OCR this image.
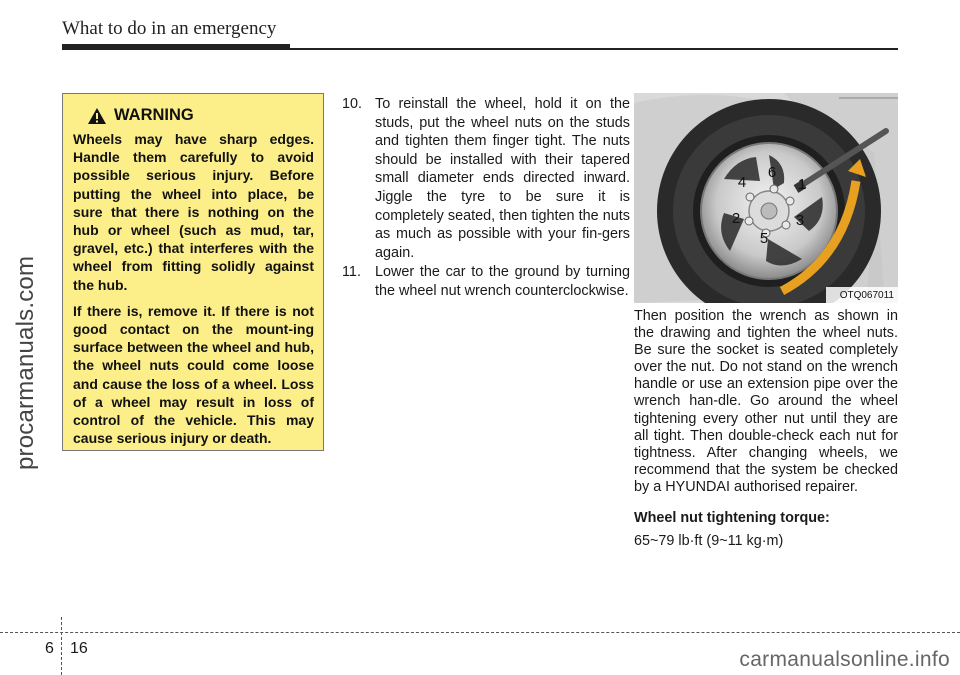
What to do in an emergency
procarmanuals.com
WARNING

Wheels may have sharp edges. Handle them carefully to avoid possible serious injury. Before putting the wheel into place, be sure that there is nothing on the hub or wheel (such as mud, tar, gravel, etc.) that interferes with the wheel from fitting solidly against the hub.

If there is, remove it. If there is not good contact on the mount-ing surface between the wheel and hub, the wheel nuts could come loose and cause the loss of a wheel. Loss of a wheel may result in loss of control of the vehicle. This may cause serious injury or death.

10. To reinstall the wheel, hold it on the studs, put the wheel nuts on the studs and tighten them finger tight. The nuts should be installed with their tapered small diameter ends directed inward. Jiggle the tyre to be sure it is completely seated, then tighten the nuts as much as possible with your fin-gers again.
11. Lower the car to the ground by turning the wheel nut wrench counterclockwise.
1
2	3
4
5
6
OTQ067011

Then position the wrench as shown in the drawing and tighten the wheel nuts. Be sure the socket is seated completely over the nut. Do not stand on the wrench handle or use an extension pipe over the wrench han-dle. Go around the wheel tightening every other nut until they are all tight. Then double-check each nut for tightness. After changing wheels, we recommend that the system be checked by a HYUNDAI authorised repairer.

Wheel nut tightening torque:

65~79 lb·ft (9~11 kg·m)

6 16	carmanualsonline.info
